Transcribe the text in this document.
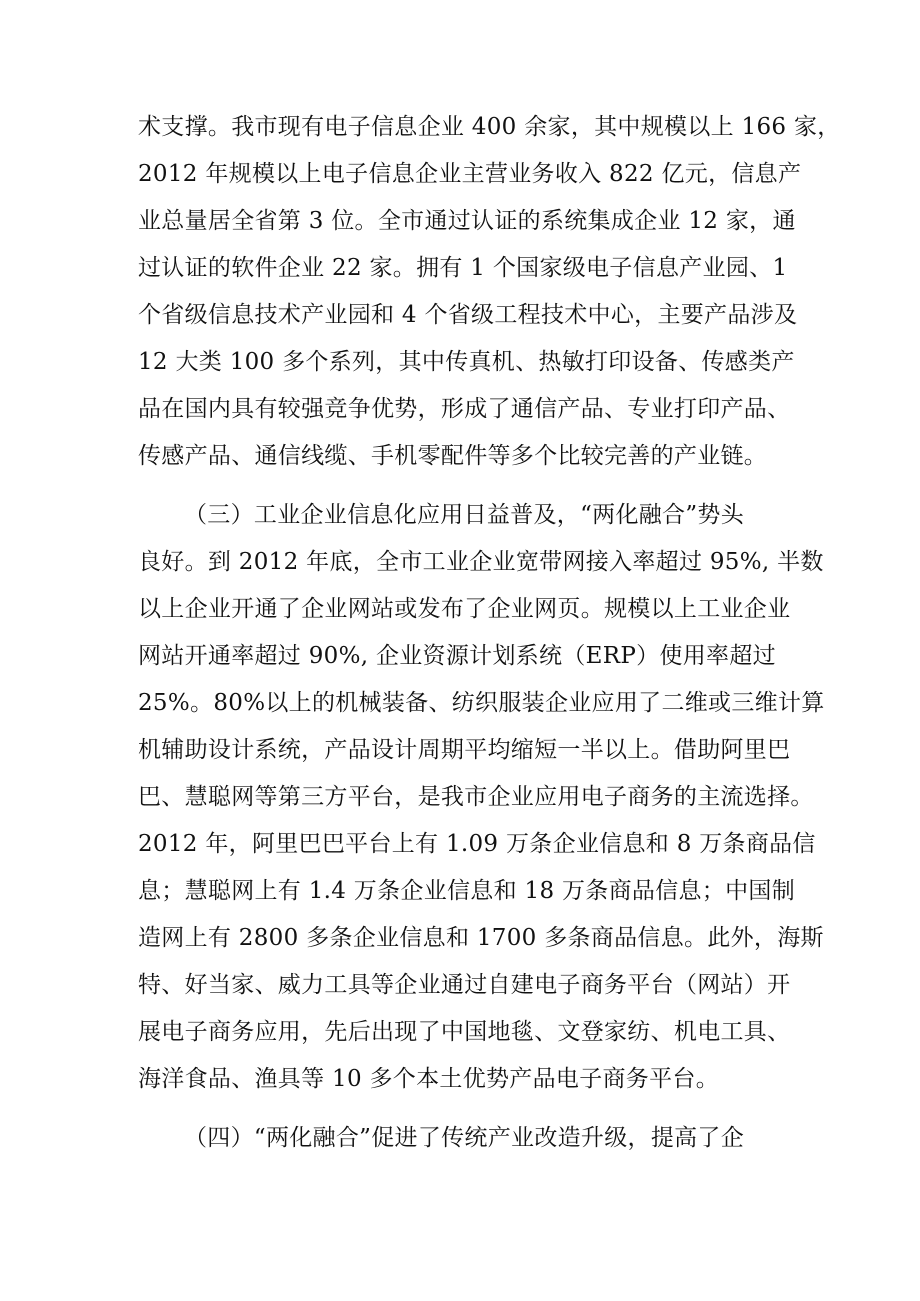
术支撑。我市现有电子信息企业 400 余家，其中规模以上 166 家，
2012 年规模以上电子信息企业主营业务收入 822 亿元，信息产
业总量居全省第 3 位。全市通过认证的系统集成企业 12 家，通
过认证的软件企业 22 家。拥有 1 个国家级电子信息产业园、1
个省级信息技术产业园和 4 个省级工程技术中心，主要产品涉及
12 大类 100 多个系列，其中传真机、热敏打印设备、传感类产
品在国内具有较强竞争优势，形成了通信产品、专业打印产品、
传感产品、通信线缆、手机零配件等多个比较完善的产业链。
（三）工业企业信息化应用日益普及，“两化融合”势头
良好。到 2012 年底，全市工业企业宽带网接入率超过 95%, 半数
以上企业开通了企业网站或发布了企业网页。规模以上工业企业
网站开通率超过 90%, 企业资源计划系统（ERP）使用率超过
25%。80%以上的机械装备、纺织服装企业应用了二维或三维计算
机辅助设计系统，产品设计周期平均缩短一半以上。借助阿里巴
巴、慧聪网等第三方平台，是我市企业应用电子商务的主流选择。
2012 年，阿里巴巴平台上有 1.09 万条企业信息和 8 万条商品信
息；慧聪网上有 1.4 万条企业信息和 18 万条商品信息；中国制
造网上有 2800 多条企业信息和 1700 多条商品信息。此外，海斯
特、好当家、威力工具等企业通过自建电子商务平台（网站）开
展电子商务应用，先后出现了中国地毯、文登家纺、机电工具、
海洋食品、渔具等 10 多个本土优势产品电子商务平台。
（四）“两化融合”促进了传统产业改造升级，提高了企
